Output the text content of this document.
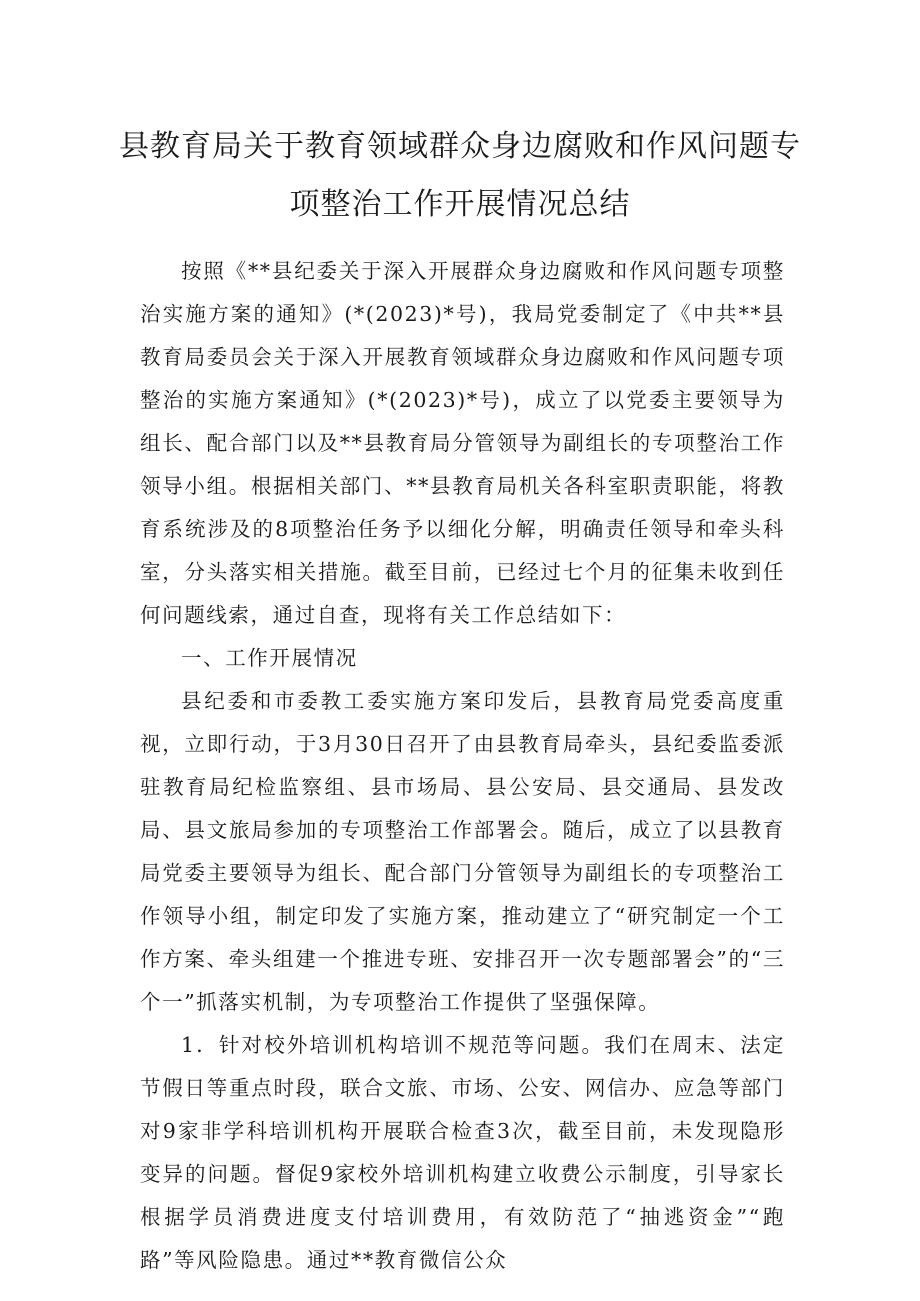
县教育局关于教育领域群众身边腐败和作风问题专
项整治工作开展情况总结

按照《**县纪委关于深入开展群众身边腐败和作风问题专项整治实施方案的通知》(*(2023)*号)，我局党委制定了《中共**县教育局委员会关于深入开展教育领域群众身边腐败和作风问题专项整治的实施方案通知》(*(2023)*号)，成立了以党委主要领导为组长、配合部门以及**县教育局分管领导为副组长的专项整治工作领导小组。根据相关部门、**县教育局机关各科室职责职能，将教育系统涉及的8项整治任务予以细化分解，明确责任领导和牵头科室，分头落实相关措施。截至目前，已经过七个月的征集未收到任何问题线索，通过自查，现将有关工作总结如下：

一、工作开展情况

县纪委和市委教工委实施方案印发后，县教育局党委高度重视，立即行动，于3月30日召开了由县教育局牵头，县纪委监委派驻教育局纪检监察组、县市场局、县公安局、县交通局、县发改局、县文旅局参加的专项整治工作部署会。随后，成立了以县教育局党委主要领导为组长、配合部门分管领导为副组长的专项整治工作领导小组，制定印发了实施方案，推动建立了“研究制定一个工作方案、牵头组建一个推进专班、安排召开一次专题部署会”的“三个一”抓落实机制，为专项整治工作提供了坚强保障。

1．针对校外培训机构培训不规范等问题。我们在周末、法定节假日等重点时段，联合文旅、市场、公安、网信办、应急等部门对9家非学科培训机构开展联合检查3次，截至目前，未发现隐形变异的问题。督促9家校外培训机构建立收费公示制度，引导家长根据学员消费进度支付培训费用，有效防范了“抽逃资金”“跑路”等风险隐患。通过**教育微信公众
